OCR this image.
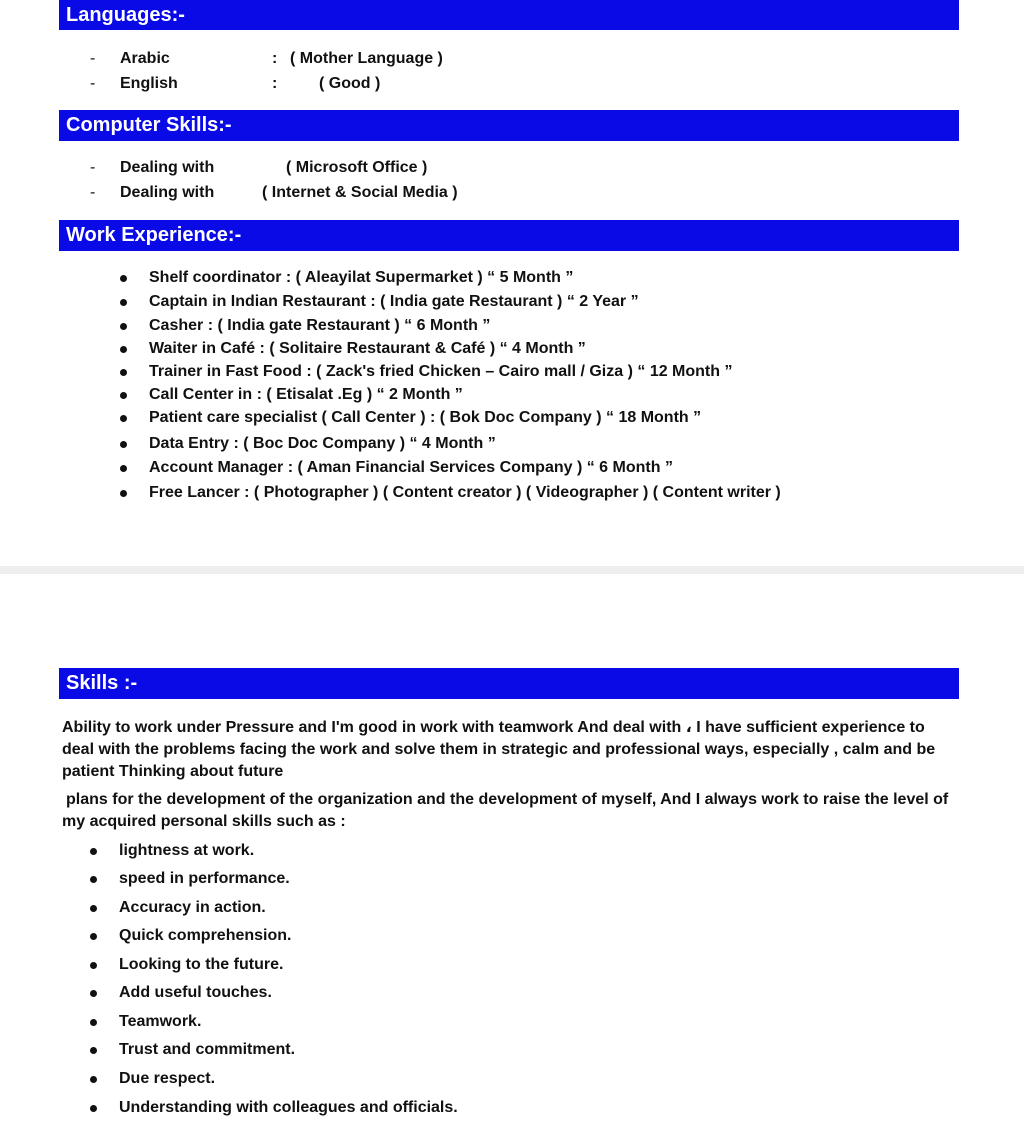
Languages:-
- Arabic	: ( Mother Language )
- English	:	( Good )
Computer Skills:-
- Dealing with	( Microsoft Office )
- Dealing with	( Internet & Social Media )
Work Experience:-
Shelf coordinator : ( Aleayilat Supermarket ) “ 5 Month ”
Captain in Indian Restaurant : ( India gate Restaurant ) “ 2 Year ”
Casher : ( India gate Restaurant ) “ 6 Month ”
Waiter in Café : ( Solitaire Restaurant & Café ) “ 4 Month ”
Trainer in Fast Food : ( Zack's fried Chicken – Cairo mall / Giza ) “ 12 Month ”
Call Center in : ( Etisalat .Eg ) “ 2 Month ”
Patient care specialist ( Call Center ) : ( Bok Doc Company ) “ 18 Month ”
Data Entry : ( Boc Doc Company ) “ 4 Month ”
Account Manager : ( Aman Financial Services Company ) “ 6 Month ”
Free Lancer : ( Photographer ) ( Content creator ) ( Videographer ) ( Content writer )
Skills :-
Ability to work under Pressure and I'm good in work with teamwork And deal with ، I have sufficient experience to deal with the problems facing the work and solve them in strategic and professional ways, especially , calm and be patient Thinking about future
plans for the development of the organization and the development of myself, And I always work to raise the level of my acquired personal skills such as :
lightness at work.
speed in performance.
Accuracy in action.
Quick comprehension.
Looking to the future.
Add useful touches.
Teamwork.
Trust and commitment.
Due respect.
Understanding with colleagues and officials.
